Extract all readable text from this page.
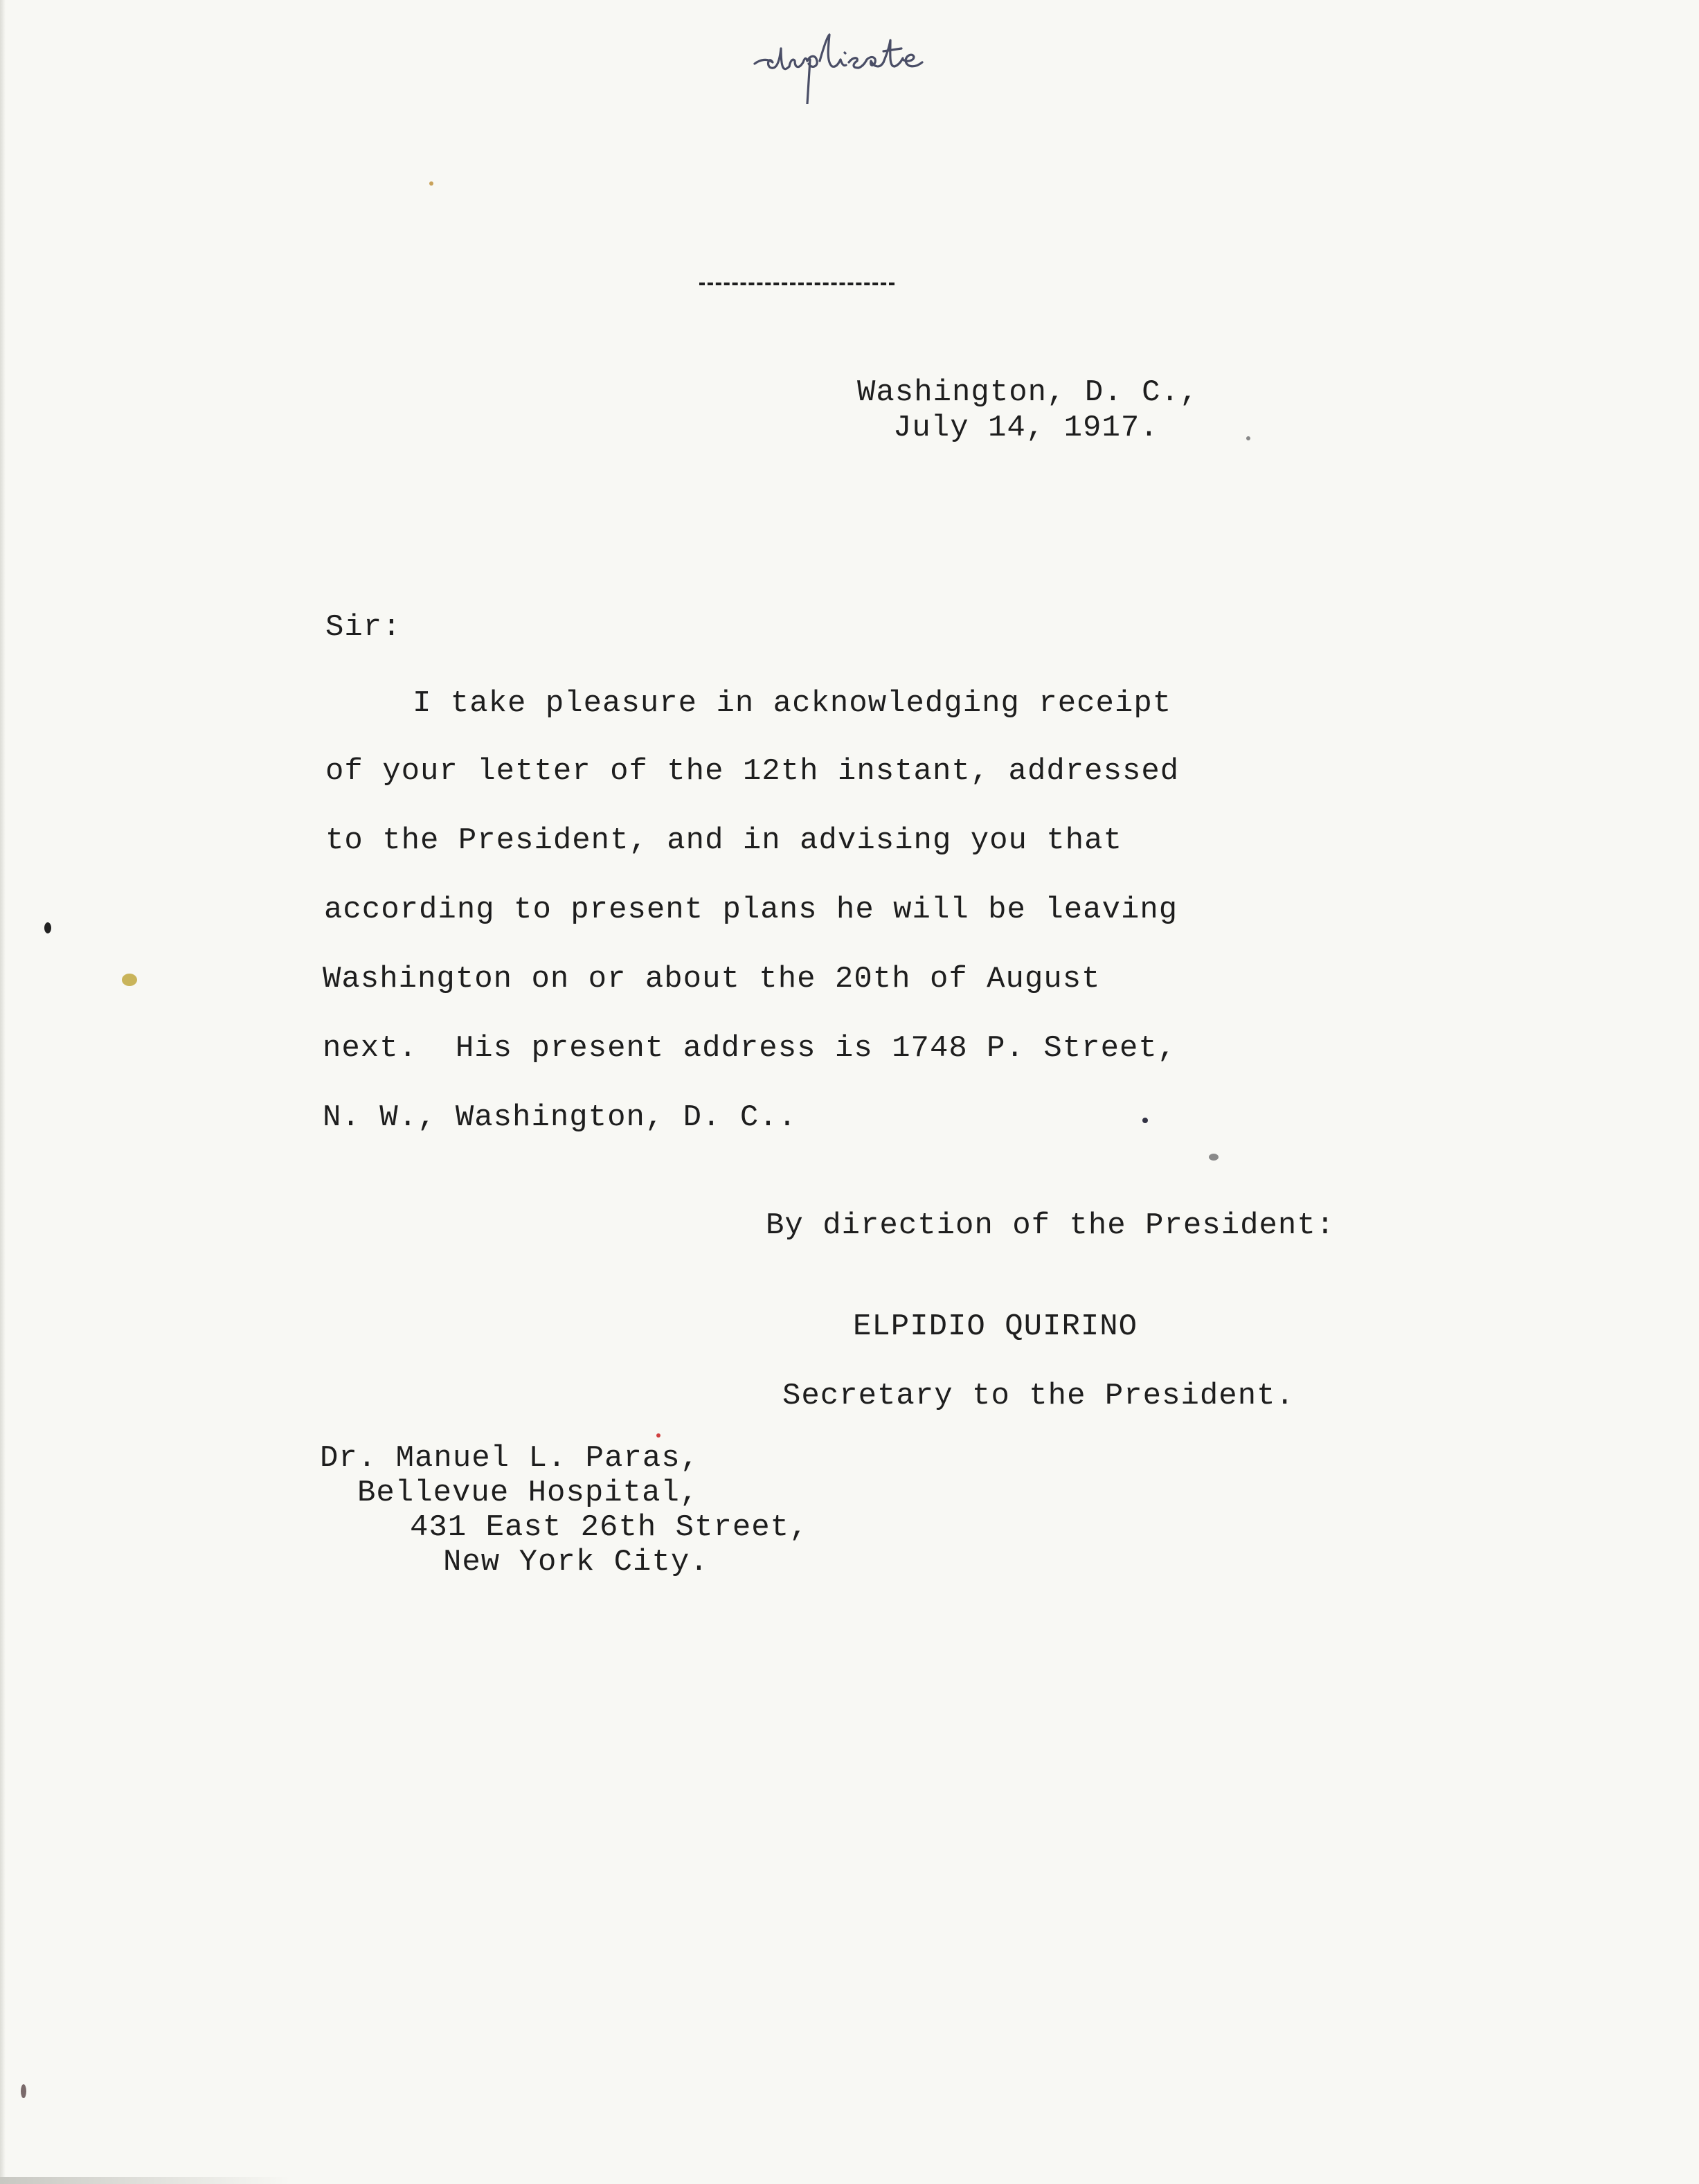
Washington, D. C.,
July 14, 1917.
Sir:
I take pleasure in acknowledging receipt
of your letter of the 12th instant, addressed
to the President, and in advising you that
according to present plans he will be leaving
Washington on or about the 20th of August
next.  His present address is 1748 P. Street,
N. W., Washington, D. C..
By direction of the President:
ELPIDIO QUIRINO
Secretary to the President.
Dr. Manuel L. Paras,
Bellevue Hospital,
431 East 26th Street,
New York City.
